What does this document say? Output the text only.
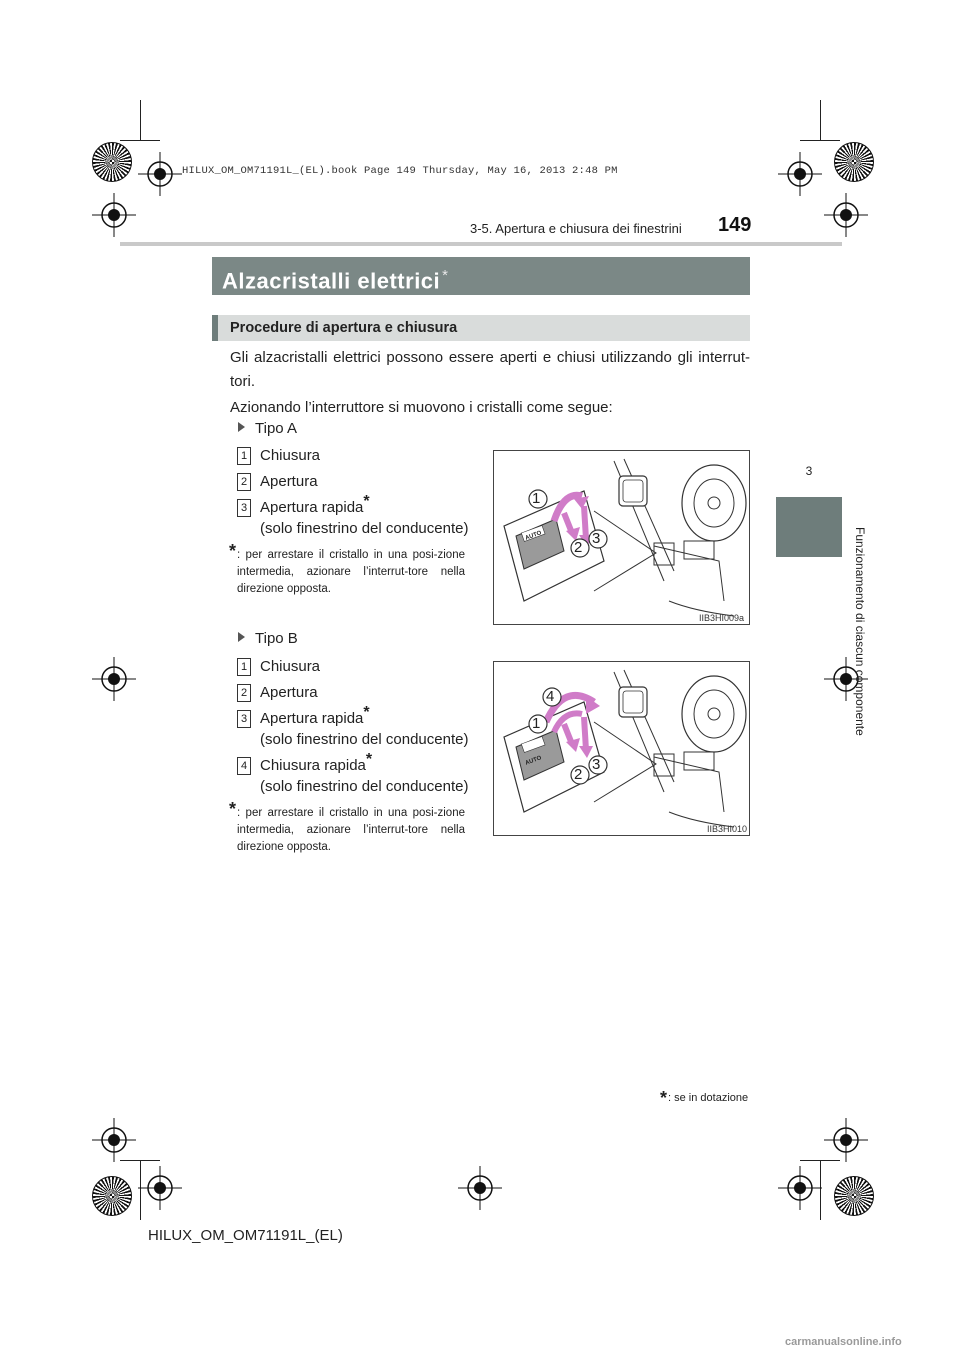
HILUX_OM_OM71191L_(EL).book Page 149 Thursday, May 16, 2013 2:48 PM
3-5. Apertura e chiusura dei finestrini 149
3
Funzionamento di ciascun componente
Alzacristalli elettrici *
Procedure di apertura e chiusura
Gli alzacristalli elettrici possono essere aperti e chiusi utilizzando gli interrut-tori.
Azionando l’interruttore si muovono i cristalli come segue:
Tipo A
1 Chiusura
2 Apertura
3 Apertura rapida*
(solo finestrino del conducente)
* : per arrestare il cristallo in una posi-zione intermedia, azionare l’interrut-tore nella direzione opposta.
AUTO
1
2
3
IIB3HI009a
Tipo B
1 Chiusura
2 Apertura
3 Apertura rapida*
(solo finestrino del conducente)
4 Chiusura rapida*
(solo finestrino del conducente)
* : per arrestare il cristallo in una posi-zione intermedia, azionare l’interrut-tore nella direzione opposta.
AUTO
4
1
2
3
IIB3HI010
*: se in dotazione
HILUX_OM_OM71191L_(EL)
carmanualsonline.info
